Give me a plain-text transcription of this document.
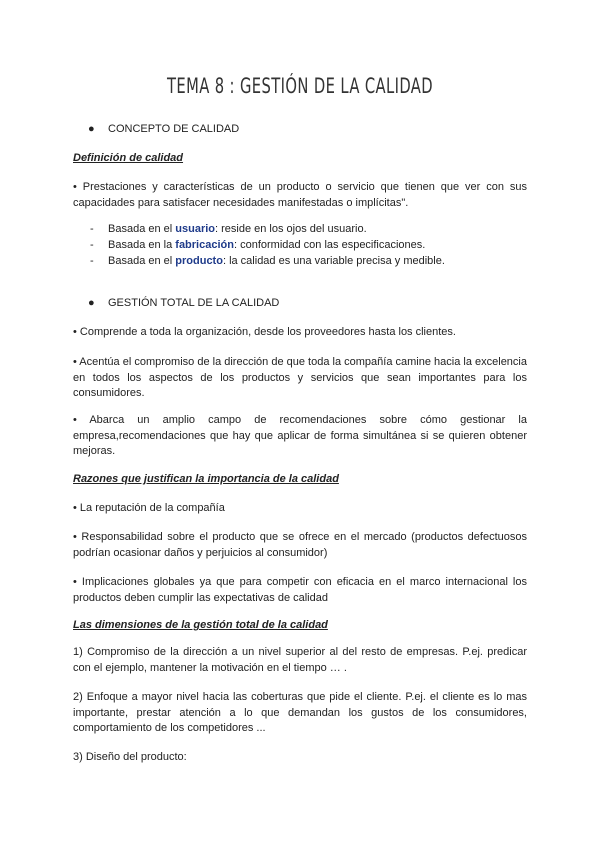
TEMA 8 : GESTIÓN DE LA CALIDAD
● CONCEPTO DE CALIDAD
Definición de calidad
• Prestaciones y características de un producto o servicio que tienen que ver con sus capacidades para satisfacer necesidades manifestadas o implícitas".
- Basada en el usuario: reside en los ojos del usuario.
- Basada en la fabricación: conformidad con las especificaciones.
- Basada en el producto: la calidad es una variable precisa y medible.
● GESTIÓN TOTAL DE LA CALIDAD
• Comprende a toda la organización, desde los proveedores hasta los clientes.
• Acentúa el compromiso de la dirección de que toda la compañía camine hacia la excelencia en todos los aspectos de los productos y servicios que sean importantes para los consumidores.
• Abarca un amplio campo de recomendaciones sobre cómo gestionar la empresa,recomendaciones que hay que aplicar de forma simultánea si se quieren obtener mejoras.
Razones que justifican la importancia de la calidad
• La reputación de la compañía
• Responsabilidad sobre el producto que se ofrece en el mercado (productos defectuosos podrían ocasionar daños y perjuicios al consumidor)
• Implicaciones globales ya que para competir con eficacia en el marco internacional los productos deben cumplir las expectativas de calidad
Las dimensiones de la gestión total de la calidad
1) Compromiso de la dirección a un nivel superior al del resto de empresas. P.ej. predicar con el ejemplo, mantener la motivación en el tiempo … .
2) Enfoque a mayor nivel hacia las coberturas que pide el cliente. P.ej. el cliente es lo mas importante, prestar atención a lo que demandan los gustos de los consumidores, comportamiento de los competidores ...
3) Diseño del producto:
